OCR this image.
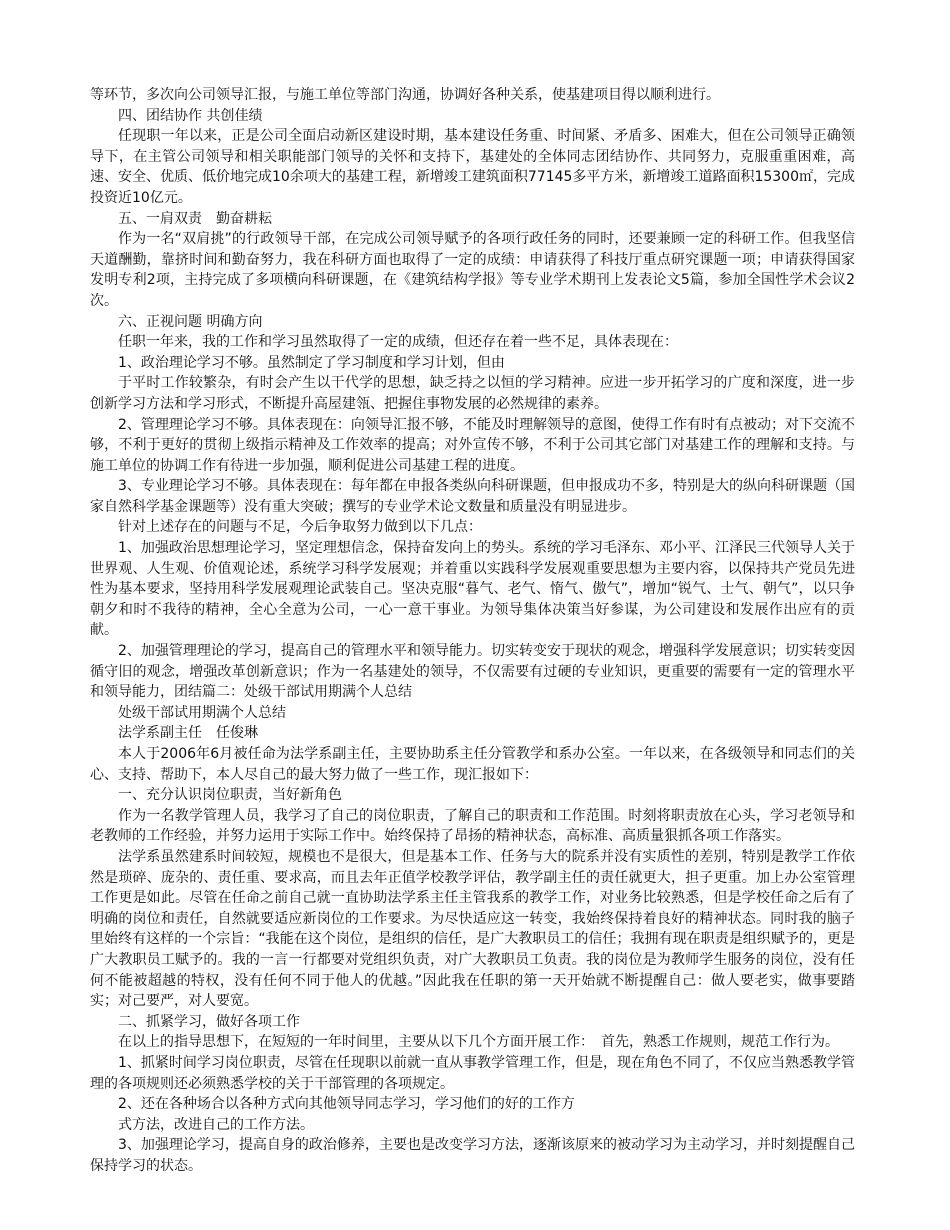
等环节，多次向公司领导汇报，与施工单位等部门沟通，协调好各种关系，使基建项目得以顺利进行。

四、团结协作 共创佳绩

任现职一年以来，正是公司全面启动新区建设时期，基本建设任务重、时间紧、矛盾多、困难大，但在公司领导正确领导下，在主管公司领导和相关职能部门领导的关怀和支持下，基建处的全体同志团结协作、共同努力，克服重重困难，高速、安全、优质、低价地完成10余项大的基建工程，新增竣工建筑面积77145多平方米，新增竣工道路面积15300㎡，完成投资近10亿元。

五、一肩双责　勤奋耕耘

作为一名“双肩挑”的行政领导干部，在完成公司领导赋予的各项行政任务的同时，还要兼顾一定的科研工作。但我坚信天道酬勤，靠挤时间和勤奋努力，我在科研方面也取得了一定的成绩：申请获得了科技厅重点研究课题一项；申请获得国家发明专利2项，主持完成了多项横向科研课题，在《建筑结构学报》等专业学术期刊上发表论文5篇，参加全国性学术会议2次。

六、正视问题 明确方向

任职一年来，我的工作和学习虽然取得了一定的成绩，但还存在着一些不足，具体表现在：

1、政治理论学习不够。虽然制定了学习制度和学习计划，但由

于平时工作较繁杂，有时会产生以干代学的思想，缺乏持之以恒的学习精神。应进一步开拓学习的广度和深度，进一步创新学习方法和学习形式，不断提升高屋建瓴、把握住事物发展的必然规律的素养。

2、管理理论学习不够。具体表现在：向领导汇报不够，不能及时理解领导的意图，使得工作有时有点被动；对下交流不够，不利于更好的贯彻上级指示精神及工作效率的提高；对外宣传不够，不利于公司其它部门对基建工作的理解和支持。与施工单位的协调工作有待进一步加强，顺利促进公司基建工程的进度。

3、专业理论学习不够。具体表现在：每年都在申报各类纵向科研课题，但申报成功不多，特别是大的纵向科研课题（国家自然科学基金课题等）没有重大突破；撰写的专业学术论文数量和质量没有明显进步。

针对上述存在的问题与不足，今后争取努力做到以下几点：

1、加强政治思想理论学习，坚定理想信念，保持奋发向上的势头。系统的学习毛泽东、邓小平、江泽民三代领导人关于世界观、人生观、价值观论述，系统学习科学发展观；并着重以实践科学发展观重要思想为主要内容，以保持共产党员先进性为基本要求，坚持用科学发展观理论武装自己。坚决克服“暮气、老气、惰气、傲气”，增加“锐气、士气、朝气”，以只争朝夕和时不我待的精神，全心全意为公司，一心一意干事业。为领导集体决策当好参谋，为公司建设和发展作出应有的贡献。

2、加强管理理论的学习，提高自己的管理水平和领导能力。切实转变安于现状的观念，增强科学发展意识；切实转变因循守旧的观念，增强改革创新意识；作为一名基建处的领导，不仅需要有过硬的专业知识，更重要的需要有一定的管理水平和领导能力，团结篇二：处级干部试用期满个人总结

处级干部试用期满个人总结

法学系副主任　任俊琳

本人于2006年6月被任命为法学系副主任，主要协助系主任分管教学和系办公室。一年以来，在各级领导和同志们的关心、支持、帮助下，本人尽自己的最大努力做了一些工作，现汇报如下：

一、充分认识岗位职责，当好新角色

作为一名教学管理人员，我学习了自己的岗位职责，了解自己的职责和工作范围。时刻将职责放在心头，学习老领导和老教师的工作经验，并努力运用于实际工作中。始终保持了昂扬的精神状态，高标准、高质量狠抓各项工作落实。

法学系虽然建系时间较短，规模也不是很大，但是基本工作、任务与大的院系并没有实质性的差别，特别是教学工作依然是琐碎、庞杂的、责任重、要求高，而且去年正值学校教学评估，教学副主任的责任就更大，担子更重。加上办公室管理工作更是如此。尽管在任命之前自己就一直协助法学系主任主管我系的教学工作，对业务比较熟悉，但是学校任命之后有了明确的岗位和责任，自然就要适应新岗位的工作要求。为尽快适应这一转变，我始终保持着良好的精神状态。同时我的脑子里始终有这样的一个宗旨：“我能在这个岗位，是组织的信任，是广大教职员工的信任；我拥有现在职责是组织赋予的，更是广大教职员工赋予的。我的一言一行都要对党组织负责，对广大教职员工负责。我的岗位是为教师学生服务的岗位，没有任何不能被超越的特权，没有任何不同于他人的优越。”因此我在任职的第一天开始就不断提醒自己：做人要老实，做事要踏实；对己要严，对人要宽。

二、抓紧学习，做好各项工作

在以上的指导思想下，在短短的一年时间里，主要从以下几个方面开展工作：　首先，熟悉工作规则，规范工作行为。

1、抓紧时间学习岗位职责，尽管在任现职以前就一直从事教学管理工作，但是，现在角色不同了，不仅应当熟悉教学管理的各项规则还必须熟悉学校的关于干部管理的各项规定。

2、还在各种场合以各种方式向其他领导同志学习，学习他们的好的工作方

式方法，改进自己的工作方法。

3、加强理论学习，提高自身的政治修养，主要也是改变学习方法，逐渐该原来的被动学习为主动学习，并时刻提醒自己保持学习的状态。
